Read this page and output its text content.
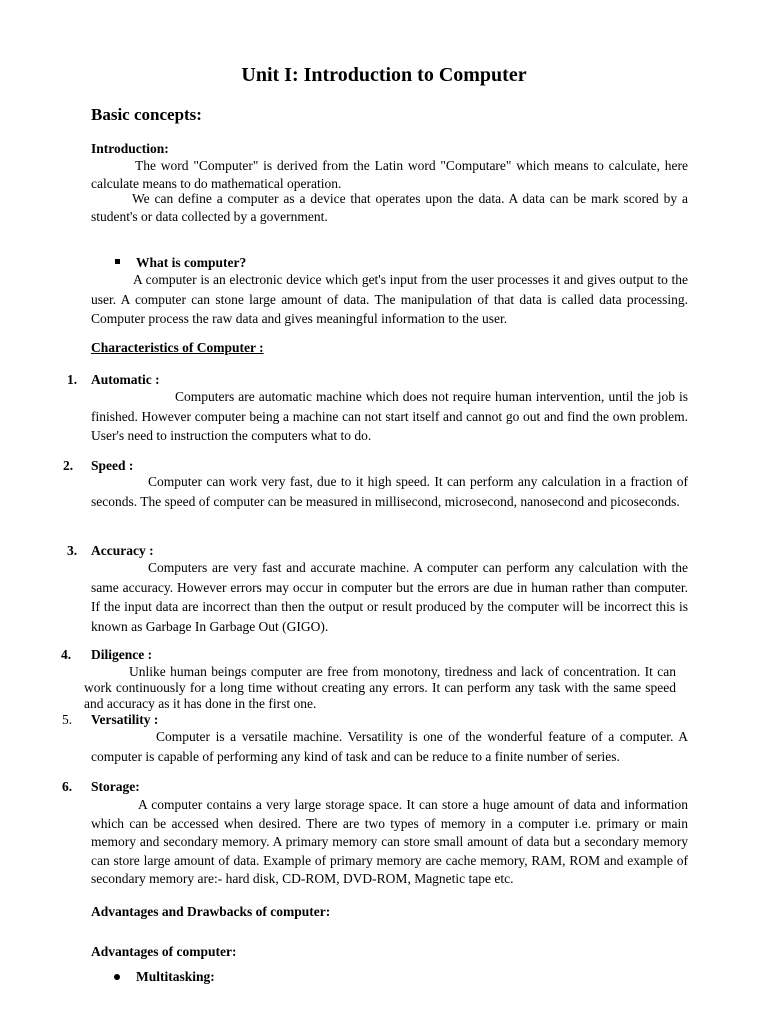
Unit I: Introduction to Computer
Basic concepts:
Introduction:
The word "Computer" is derived from the Latin word "Computare" which means to calculate, here calculate means to do mathematical operation.
We can define a computer as a device that operates upon the data. A data can be mark scored by a student's or data collected by a government.
What is computer?
A computer is an electronic device which get's input from the user processes it and gives output to the user. A computer can stone large amount of data. The manipulation of that data is called data processing. Computer process the raw data and gives meaningful information to the user.
Characteristics of Computer :
1. Automatic :
Computers are automatic machine which does not require human intervention, until the job is finished. However computer being a machine can not start itself and cannot go out and find the own problem. User's need to instruction the computers what to do.
2. Speed :
Computer can work very fast, due to it high speed. It can perform any calculation in a fraction of seconds. The speed of computer can be measured in millisecond, microsecond, nanosecond and picoseconds.
3. Accuracy :
Computers are very fast and accurate machine. A computer can perform any calculation with the same accuracy. However errors may occur in computer but the errors are due in human rather than computer. If the input data are incorrect than then the output or result produced by the computer will be incorrect this is known as Garbage In Garbage Out (GIGO).
4. Diligence :
Unlike human beings computer are free from monotony, tiredness and lack of concentration. It can work continuously for a long time without creating any errors. It can perform any task with the same speed and accuracy as it has done in the first one.
5. Versatility :
Computer is a versatile machine. Versatility is one of the wonderful feature of a computer. A computer is capable of performing any kind of task and can be reduce to a finite number of series.
6. Storage:
A computer contains a very large storage space. It can store a huge amount of data and information which can be accessed when desired. There are two types of memory in a computer i.e. primary or main memory and secondary memory. A primary memory can store small amount of data but a secondary memory can store large amount of data. Example of primary memory are cache memory, RAM, ROM and example of secondary memory are:- hard disk, CD-ROM, DVD-ROM, Magnetic tape etc.
Advantages and Drawbacks of computer:
Advantages of computer:
Multitasking:
